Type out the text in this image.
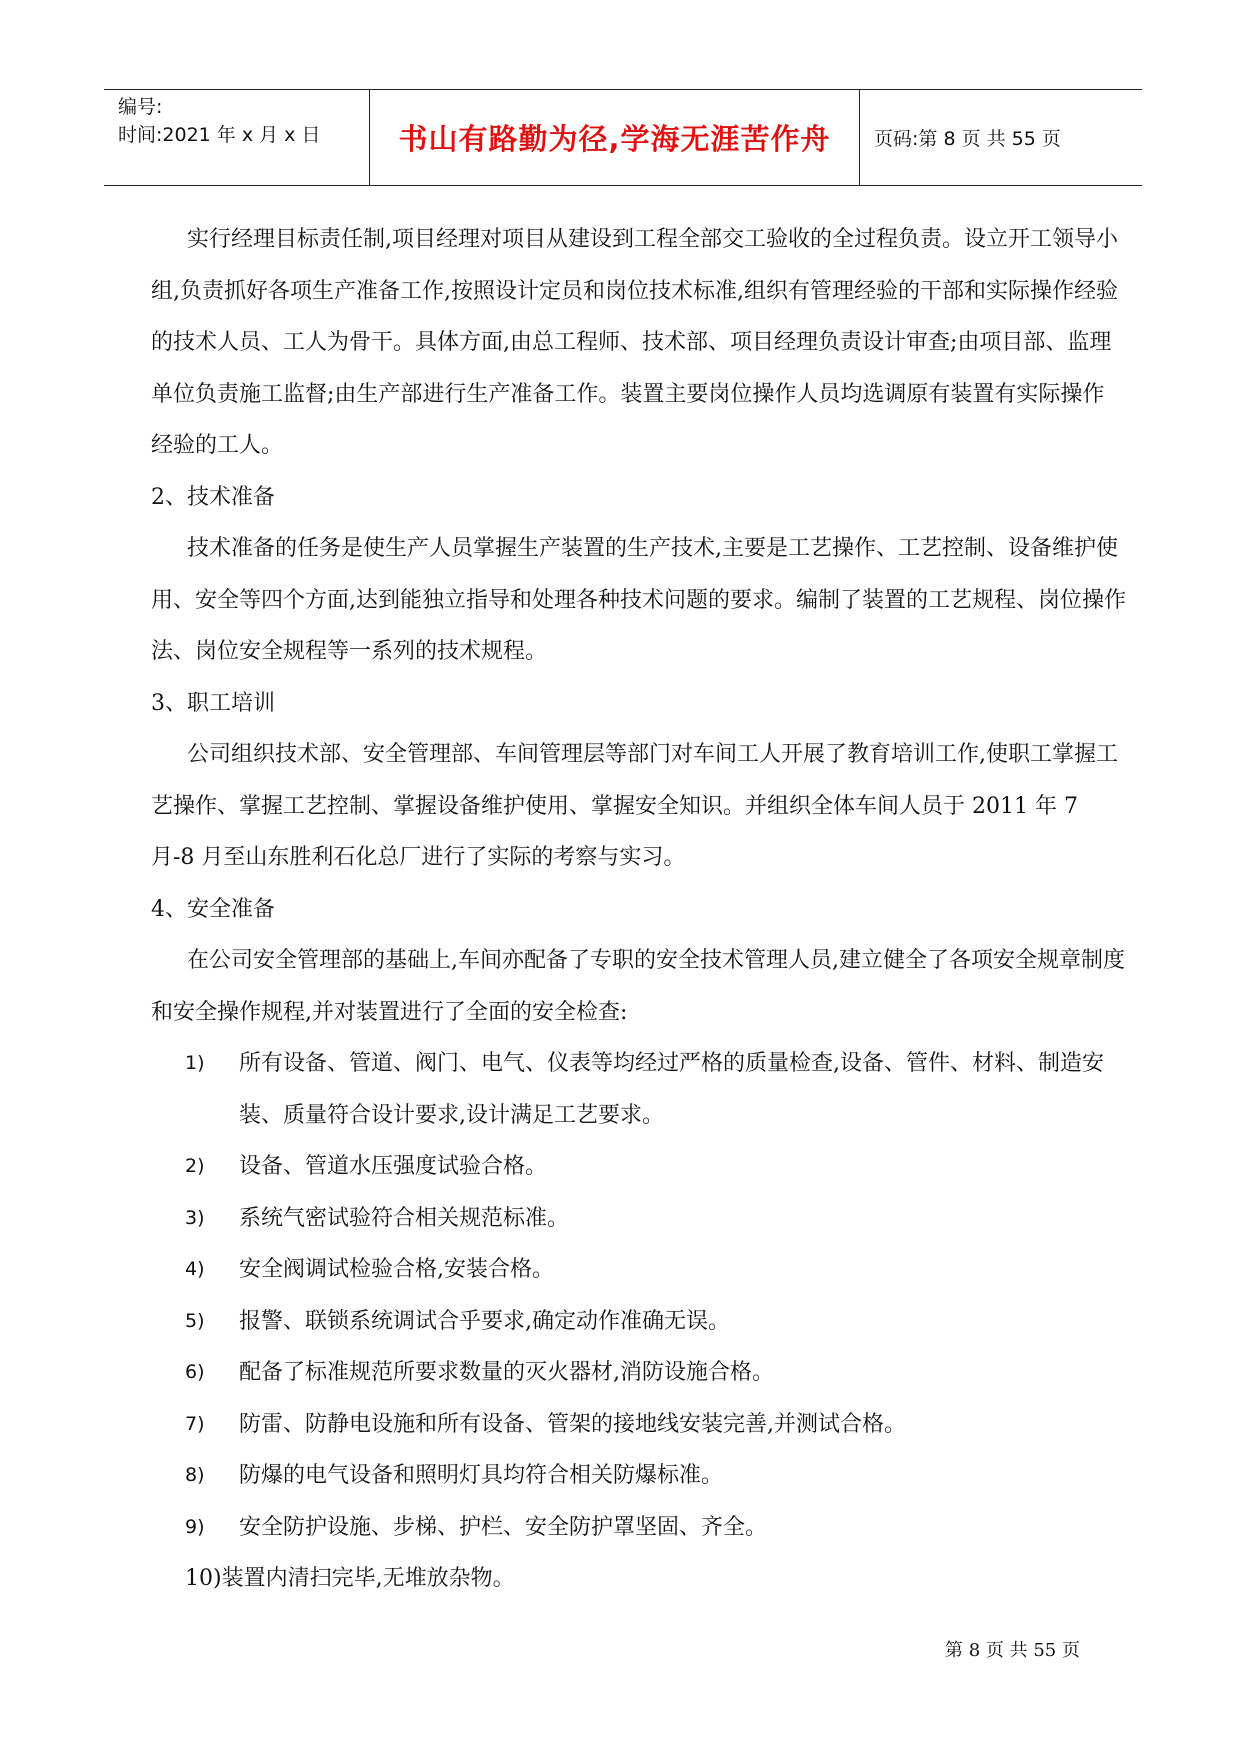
编号:
时间:2021 年 x 月 x 日	书山有路勤为径,学海无涯苦作舟 页码:第 8 页 共 55 页

实行经理目标责任制,项目经理对项目从建设到工程全部交工验收的全过程负责。设立开工领导小组,负责抓好各项生产准备工作,按照设计定员和岗位技术标准,组织有管理经验的干部和实际操作经验的技术人员、工人为骨干。具体方面,由总工程师、技术部、项目经理负责设计审查;由项目部、监理单位负责施工监督;由生产部进行生产准备工作。装置主要岗位操作人员均选调原有装置有实际操作经验的工人。

2、技术准备

技术准备的任务是使生产人员掌握生产装置的生产技术,主要是工艺操作、工艺控制、设备维护使用、安全等四个方面,达到能独立指导和处理各种技术问题的要求。编制了装置的工艺规程、岗位操作法、岗位安全规程等一系列的技术规程。

3、职工培训

公司组织技术部、安全管理部、车间管理层等部门对车间工人开展了教育培训工作,使职工掌握工艺操作、掌握工艺控制、掌握设备维护使用、掌握安全知识。并组织全体车间人员于 2011 年 7 月-8 月至山东胜利石化总厂进行了实际的考察与实习。

4、安全准备

在公司安全管理部的基础上,车间亦配备了专职的安全技术管理人员,建立健全了各项安全规章制度和安全操作规程,并对装置进行了全面的安全检查:

1)	所有设备、管道、阀门、电气、仪表等均经过严格的质量检查,设备、管件、材料、制造安装、质量符合设计要求,设计满足工艺要求。
2)	设备、管道水压强度试验合格。
3)	系统气密试验符合相关规范标准。
4)	安全阀调试检验合格,安装合格。
5)	报警、联锁系统调试合乎要求,确定动作准确无误。
6)	配备了标准规范所要求数量的灭火器材,消防设施合格。
7)	防雷、防静电设施和所有设备、管架的接地线安装完善,并测试合格。
8)	防爆的电气设备和照明灯具均符合相关防爆标准。
9)	安全防护设施、步梯、护栏、安全防护罩坚固、齐全。
10) 装置内清扫完毕,无堆放杂物。
第 8 页 共 55 页
